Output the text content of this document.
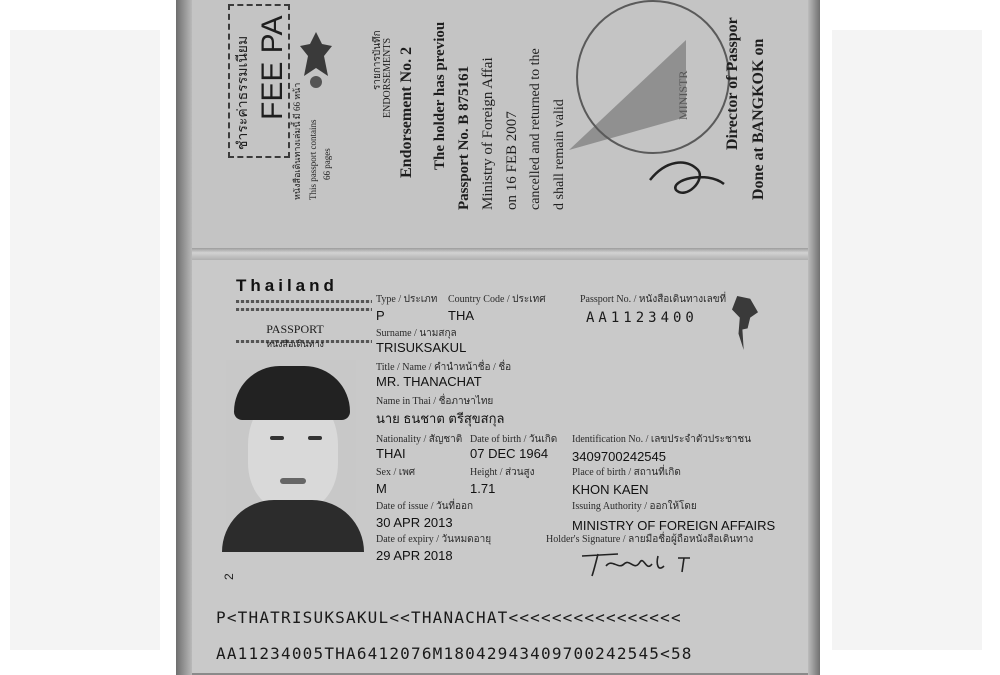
ชำระค่าธรรมเนียม FEE PA
หนังสือเดินทางเล่มนี้ มี 66 หน้า This passport contains 66 pages
รายการบันทึก ENDORSEMENTS Endorsement No. 2 The holder has previou Passport No. B 875161 Ministry of Foreign Affai on 16 FEB 2007 cancelled and returned to the d shall remain valid
MINISTR Director of Passpor Done at BANGKOK on
Thailand
PASSPORT
หนังสือเดินทาง
Type / ประเภท
P
Country Code / ประเทศ
THA
Passport No. / หนังสือเดินทางเลขที่
AA1123400
Surname / นามสกุล
TRISUKSAKUL
Title / Name / คำนำหน้าชื่อ / ชื่อ
MR. THANACHAT
Name in Thai / ชื่อภาษาไทย
นาย ธนชาต ตรีสุขสกุล
Nationality / สัญชาติ
THAI
Date of birth / วันเกิด
07 DEC 1964
Identification No. / เลขประจำตัวประชาชน
3409700242545
Sex / เพศ
M
Height / ส่วนสูง
1.71
Place of birth / สถานที่เกิด
KHON KAEN
Date of issue / วันที่ออก
30 APR 2013
Issuing Authority / ออกให้โดย
MINISTRY OF FOREIGN AFFAIRS
Date of expiry / วันหมดอายุ
29 APR 2018
Holder's Signature / ลายมือชื่อผู้ถือหนังสือเดินทาง
2
P<THATRISUKSAKUL<<THANACHAT<<<<<<<<<<<<<<<<
AA11234005THA6412076M18042943409700242545<58
